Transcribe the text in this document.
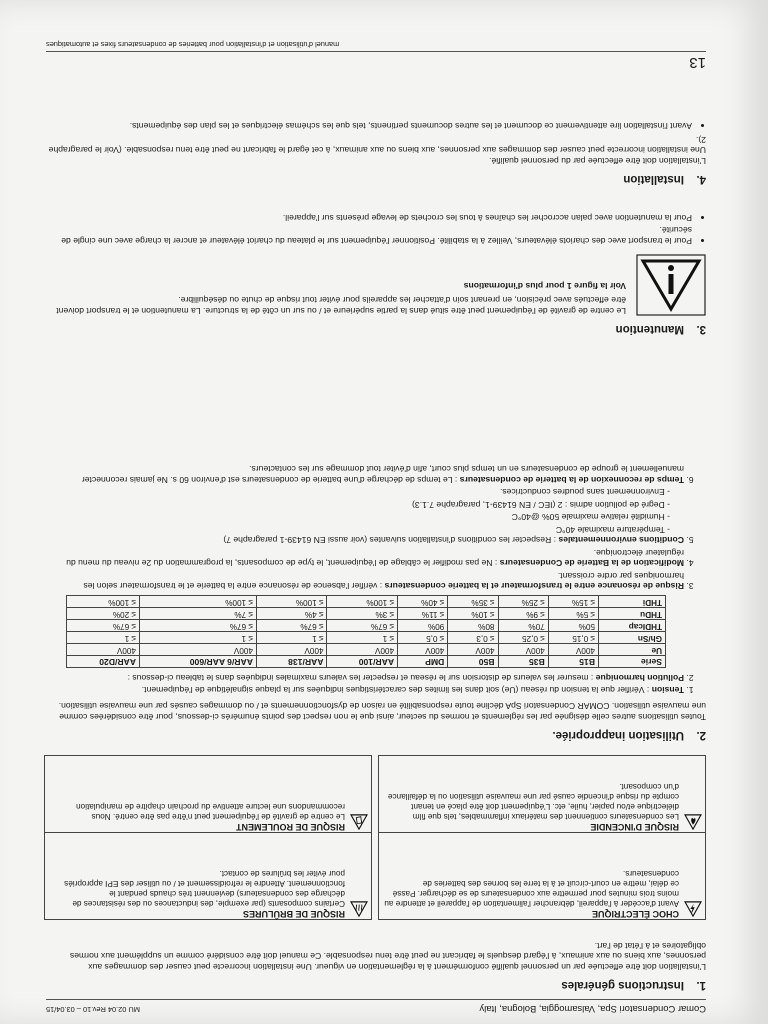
Comar Condensatori Spa, Valsamoggia, Bologna, Italy
MU 02.04 Rev.10 – 03.04/15
1.Instructions générales

L'installation doit être effectuée par un personnel qualifié conformément à la réglementation en vigueur. Une installation incorrecte peut causer des dommages aux personnes, aux biens ou aux animaux, à l'égard desquels le fabricant ne peut être tenu responsable. Ce manuel doit être considéré comme un supplément aux normes obligatoires et à l'état de l'art.

CHOC ÉLECTRIQUE
Avant d'accéder à l'appareil, débrancher l'alimentation de l'appareil et attendre au moins trois minutes pour permettre aux condensateurs de se décharger. Passé ce délai, mettre en court-circuit et à la terre les bornes des batteries de condensateurs.
RISQUE D'INCENDIE
Les condensateurs contiennent des matériaux inflammables, tels que film diélectrique et/ou papier, huile, etc. L'équipement doit être placé en tenant compte du risque d'incendie causé par une mauvaise utilisation ou la défaillance d'un composant.
RISQUE DE BRÛLURES
Certains composants (par exemple, des inductances ou des résistances de décharge des condensateurs) deviennent très chauds pendant le fonctionnement. Attendre le refroidissement et / ou utiliser des EPI appropriés pour éviter les brûlures de contact.
RISQUE DE ROULEMENT
Le centre de gravité de l'équipement peut n'être pas être centré. Nous recommandons une lecture attentive du prochain chapitre de manipulation
2.Utilisation inappropriée.

Toutes utilisations autres celle désignée par les réglements et normes du secteur, ainsi que le non respect des points énumérés ci-dessous, pour être considérées comme une mauvaise utilisation. COMAR Condensatori SpA décline toute responsabilité en raison de dysfonctionnements et / ou dommages causés par une mauvaise utilisation.

1. Tension : Vérifier que la tension du réseau (Ue) soit dans les limites des caractéristiques indiquées sur la plaque signalétique de l'équipement.
2. Pollution harmonique : mesurer les valeurs de distorsion sur le réseau et respecter les valeurs maximales indiquées dans le tableau ci-dessous :
Serie	B15	B35	B50	DMP	AAR/100	AAR/138	AAR/6 AAR/600	AAR/D20
Ue	400V	400V	400V	400V	400V	400V	400V	400V
Gh/Sn	≤ 0,15	≤ 0,25	≤ 0,3	≤ 0,5	≤ 1	≤ 1	≤ 1	≤ 1
THDIcap	50%	70%	80%	90%	≤ 67%	≤ 67%	≤ 67%	≤ 67%
THDu	≤ 5%	≤ 9%	≤ 10%	≤ 11%	≤ 3%	≤ 4%	≤ 7%	≤ 20%
THDi	≤ 15%	≤ 25%	≤ 35%	≤ 40%	≤ 100%	≤ 100%	≤ 100%	≤ 100%
3. Risque de résonance entre le transformateur et la batterie condensateurs : vérifier l'absence de résonance entre la batterie et le transformateur selon les harmoniques par ordre croissant.
4. Modification de la Batterie de Condensateurs : Ne pas modifier le câblage de l'équipement, le type de composants, la programmation du 2e niveau du menu du régulateur électronique.
5. Conditions environnementales : Respecter les conditions d'installation suivantes (voir aussi EN 61439-1 paragraphe 7)
- Température maximale 40°C
- Humidité relative maximale 50% @40°C
- Degré de pollution admis : 2 (IEC / EN 61439-1, paragraphe 7.1.3)
- Environnement sans poudres conductrices.
6. Temps de reconnexion de la batterie de condensateurs : Le temps de décharge d'une batterie de condensateurs est d'environ 60 s. Ne jamais reconnecter manuellement le groupe de condensateurs en un temps plus court, afin d'éviter tout dommage sur les contacteurs.
3.Manutention

Le centre de gravité de l'équipement peut être situé dans la partie supérieure et / ou sur un côté de la structure. La manutention et le transport doivent être effectués avec précision, en prenant soin d'attacher les appareils pour éviter tout risque de chute ou déséquilibre.

Voir la figure 1 pour plus d'informations

• Pour le transport avec des chariots élévateurs, Veillez à la stabilité. Positionner l'équipement sur le plateau du chariot élévateur et ancrer la charge avec une cingle de sécurité.
• Pour la manutention avec palan accrocher les chaînes à tous les crochets de levage présents sur l'appareil.
4.Installation

L'installation doit être effectuée par du personnel qualifié.

Une installation incorrecte peut causer des dommages aux personnes, aux biens ou aux animaux, à cet égard le fabricant ne peut être tenu responsable. (Voir le paragraphe 2).

• Avant l'installation lire attentivement ce document et les autres documents pertinents, tels que les schémas électriques et les plan des équipements.
13
manuel d'utilisation et d'installation pour batteries de condensateurs fixes et automatiques
